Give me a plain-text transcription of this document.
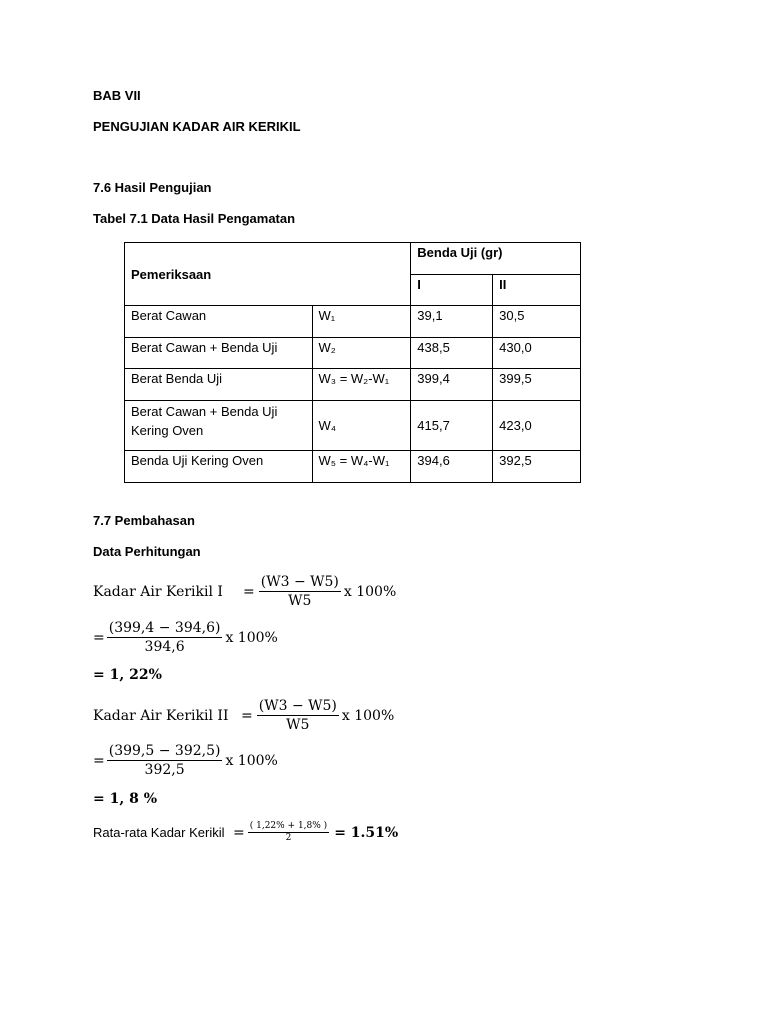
BAB VII
PENGUJIAN KADAR AIR KERIKIL
7.6 Hasil Pengujian
Tabel 7.1 Data Hasil Pengamatan
Pemeriksaan		Benda Uji (gr)	
		I	II
Berat Cawan	W₁	39,1	30,5
Berat Cawan + Benda Uji	W₂	438,5	430,0
Berat Benda Uji	W₃ = W₂-W₁	399,4	399,5
Berat Cawan + Benda Uji
Kering Oven	W₄	415,7	423,0
Benda Uji Kering Oven	W₅ = W₄-W₁	394,6	392,5
7.7 Pembahasan
Data Perhitungan
Kadar Air Kerikil I	= $\frac{(W3 - W5)}{W5}$ x 100%
= $\frac{(399,4 - 394,6)}{394,6}$ x 100%
= 1, 22%
Kadar Air Kerikil II = $\frac{(W3 - W5)}{W5}$ x 100%
= $\frac{(399,5 - 392,5)}{392,5}$ x 100%
= 1, 8 %
Rata-rata Kadar Kerikil = $\frac{( 1,22\% + 1,8\% )}{2} = 1.51\%$
